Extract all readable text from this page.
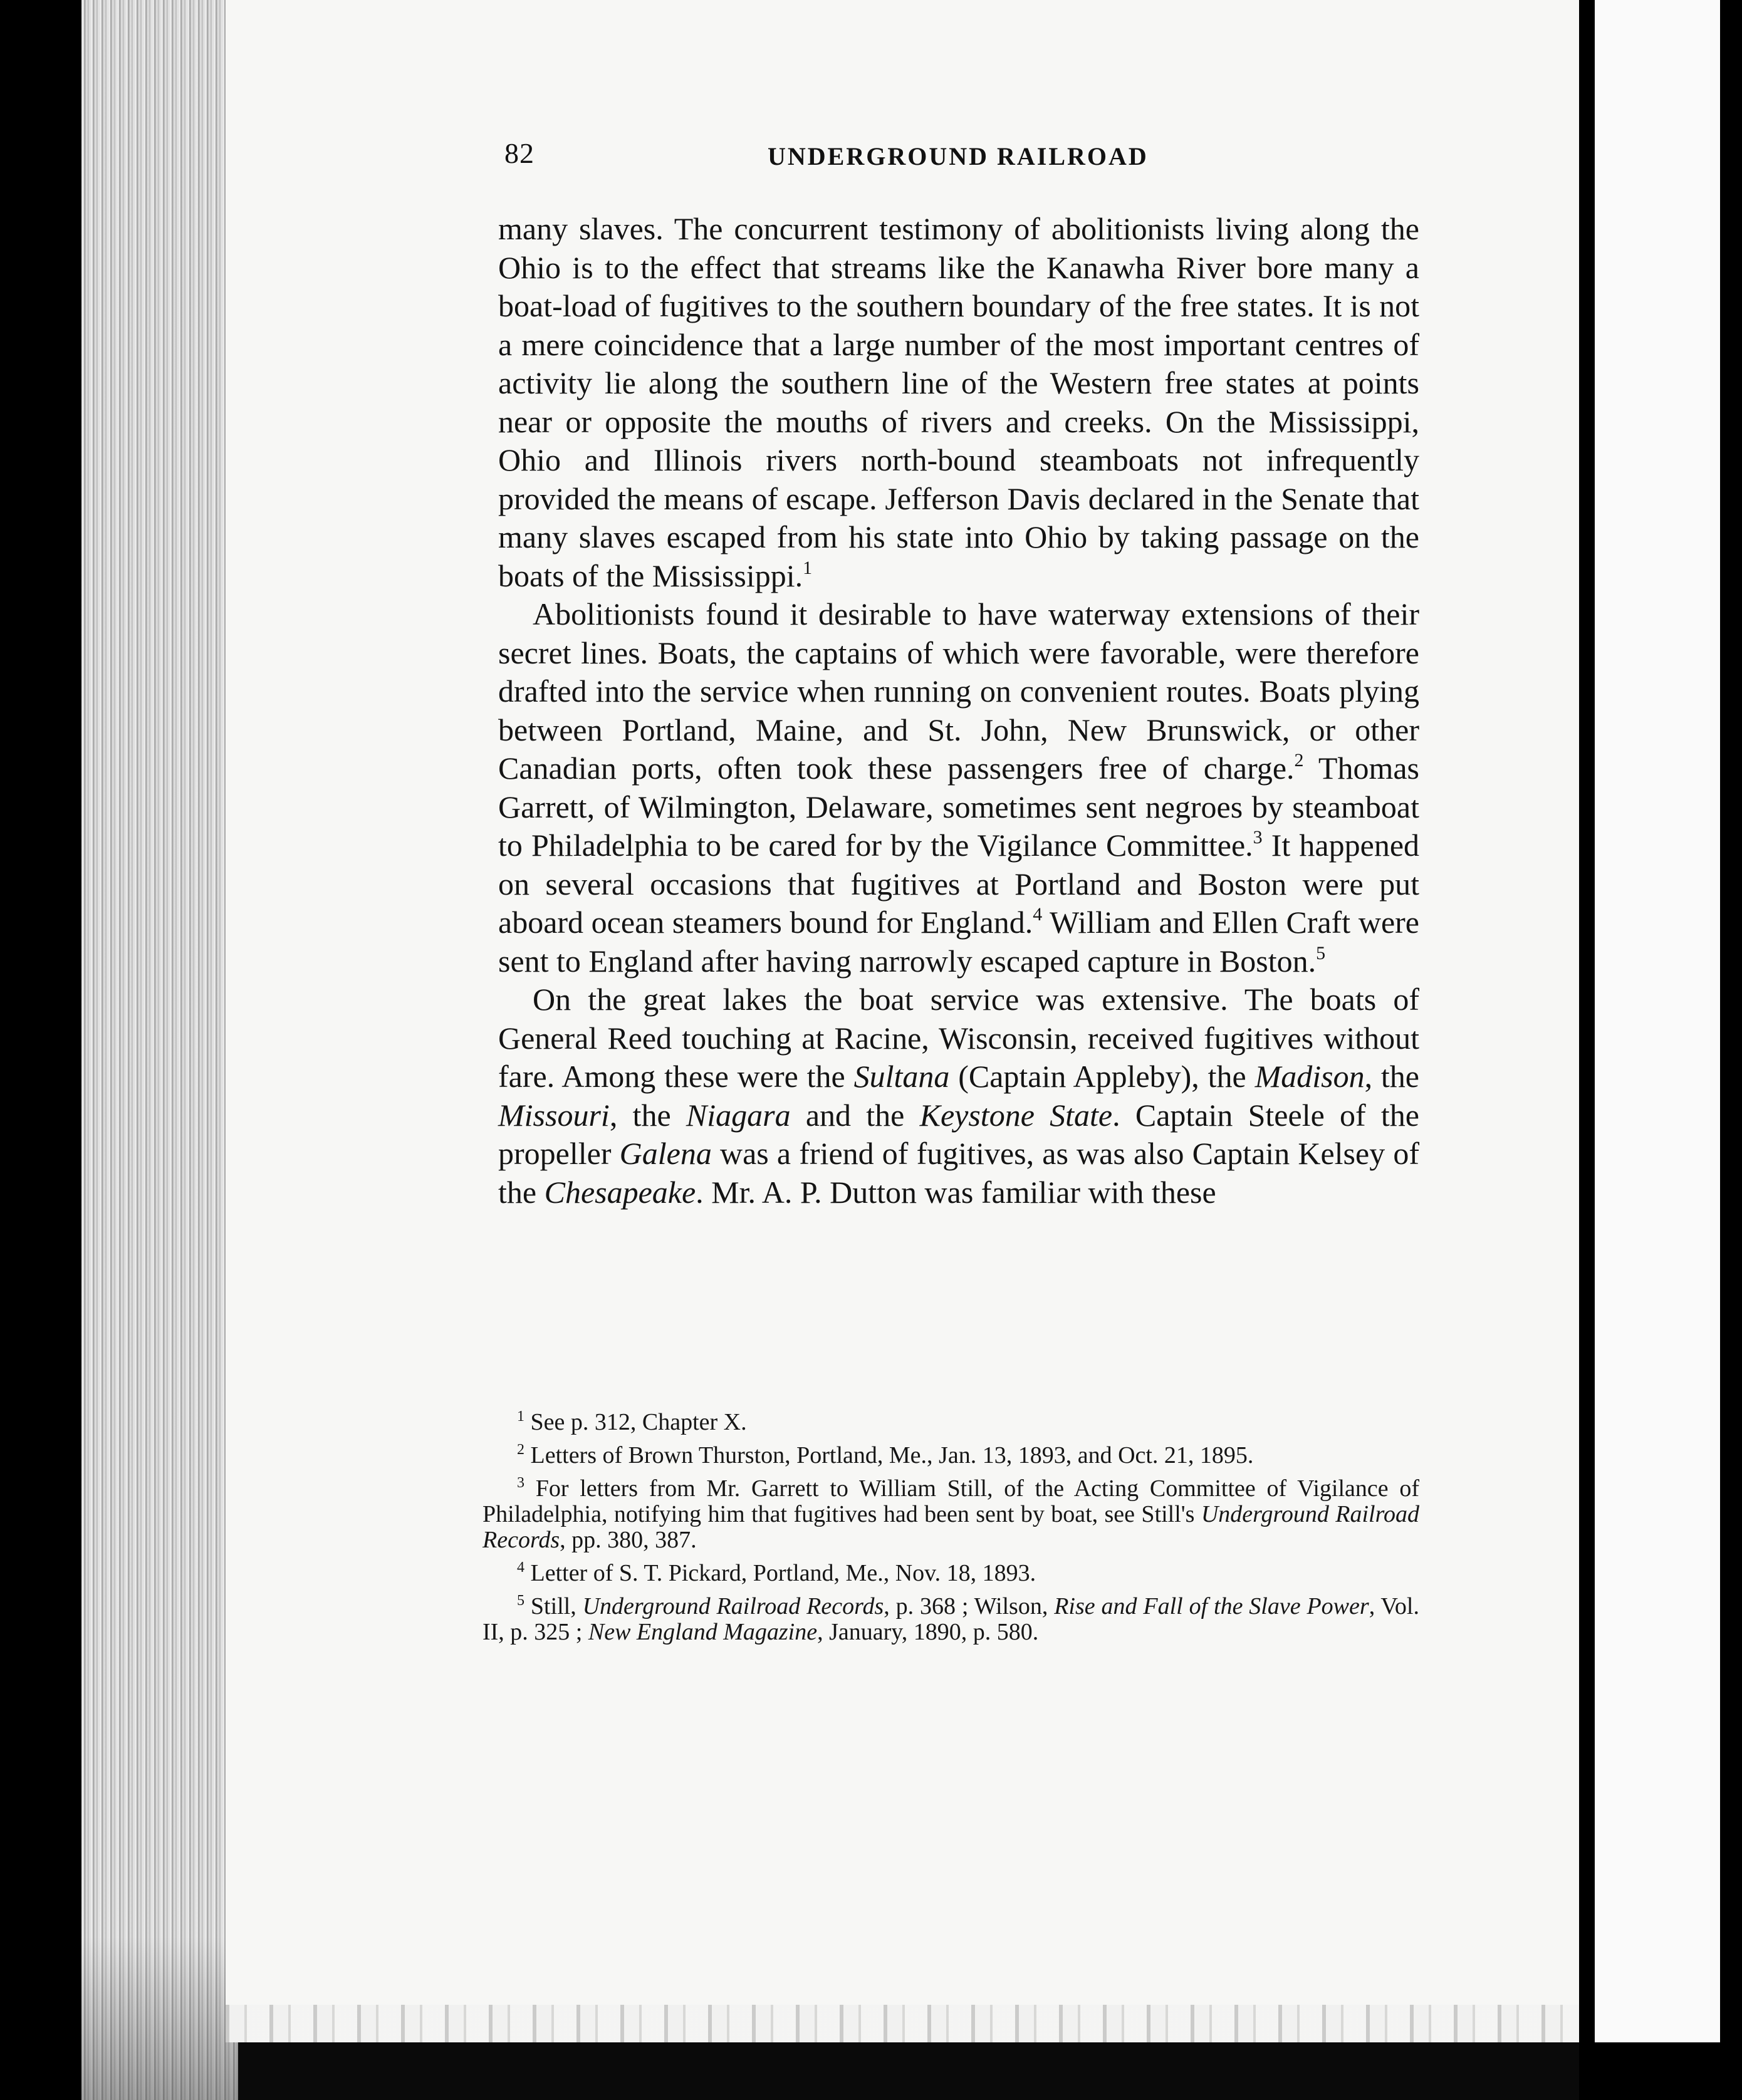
82	UNDERGROUND RAILROAD

many slaves. The concurrent testimony of abolitionists living along the Ohio is to the effect that streams like the Kanawha River bore many a boat-load of fugitives to the southern boundary of the free states. It is not a mere coincidence that a large number of the most important centres of activity lie along the southern line of the Western free states at points near or opposite the mouths of rivers and creeks. On the Mississippi, Ohio and Illinois rivers north-bound steamboats not infrequently provided the means of escape. Jefferson Davis declared in the Senate that many slaves escaped from his state into Ohio by taking passage on the boats of the Mississippi.$^1$

Abolitionists found it desirable to have waterway extensions of their secret lines. Boats, the captains of which were favorable, were therefore drafted into the service when running on convenient routes. Boats plying between Portland, Maine, and St. John, New Brunswick, or other Canadian ports, often took these passengers free of charge.$^2$ Thomas Garrett, of Wilmington, Delaware, sometimes sent negroes by steamboat to Philadelphia to be cared for by the Vigilance Committee.$^3$ It happened on several occasions that fugitives at Portland and Boston were put aboard ocean steamers bound for England.$^4$ William and Ellen Craft were sent to England after having narrowly escaped capture in Boston.$^5$

On the great lakes the boat service was extensive. The boats of General Reed touching at Racine, Wisconsin, received fugitives without fare. Among these were the Sultana (Captain Appleby), the Madison, the Missouri, the Niagara and the Keystone State. Captain Steele of the propeller Galena was a friend of fugitives, as was also Captain Kelsey of the Chesapeake. Mr. A. P. Dutton was familiar with these

$^1$ See p. 312, Chapter X.

$^2$ Letters of Brown Thurston, Portland, Me., Jan. 13, 1893, and Oct. 21, 1895.

$^3$ For letters from Mr. Garrett to William Still, of the Acting Committee of Vigilance of Philadelphia, notifying him that fugitives had been sent by boat, see Still's Underground Railroad Records, pp. 380, 387.

$^4$ Letter of S. T. Pickard, Portland, Me., Nov. 18, 1893.

$^5$ Still, Underground Railroad Records, p. 368 ; Wilson, Rise and Fall of the Slave Power, Vol. II, p. 325 ; New England Magazine, January, 1890, p. 580.
